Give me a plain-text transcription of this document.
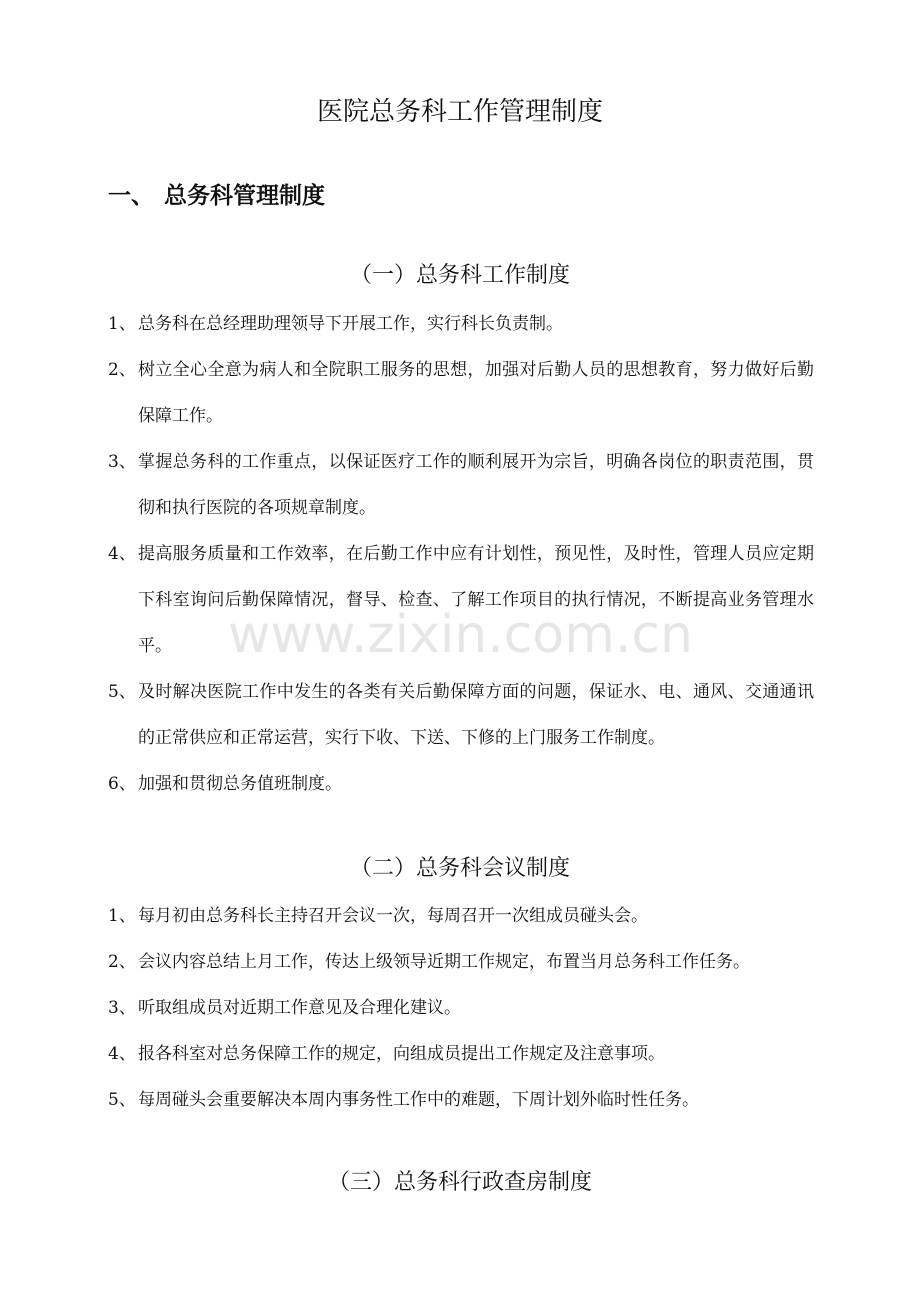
医院总务科工作管理制度
一、 总务科管理制度
（一）总务科工作制度
1、 总务科在总经理助理领导下开展工作，实行科长负责制。
2、 树立全心全意为病人和全院职工服务的思想，加强对后勤人员的思想教育，努力做好后勤保障工作。
3、 掌握总务科的工作重点，以保证医疗工作的顺利展开为宗旨，明确各岗位的职责范围，贯彻和执行医院的各项规章制度。
4、 提高服务质量和工作效率，在后勤工作中应有计划性，预见性，及时性，管理人员应定期下科室询问后勤保障情况，督导、检查、了解工作项目的执行情况，不断提高业务管理水平。
5、 及时解决医院工作中发生的各类有关后勤保障方面的问题，保证水、电、通风、交通通讯的正常供应和正常运营，实行下收、下送、下修的上门服务工作制度。
6、 加强和贯彻总务值班制度。
（二）总务科会议制度
1、 每月初由总务科长主持召开会议一次，每周召开一次组成员碰头会。
2、 会议内容总结上月工作，传达上级领导近期工作规定，布置当月总务科工作任务。
3、 听取组成员对近期工作意见及合理化建议。
4、 报各科室对总务保障工作的规定，向组成员提出工作规定及注意事项。
5、 每周碰头会重要解决本周内事务性工作中的难题，下周计划外临时性任务。
（三）总务科行政查房制度
www.zixin.com.cn
